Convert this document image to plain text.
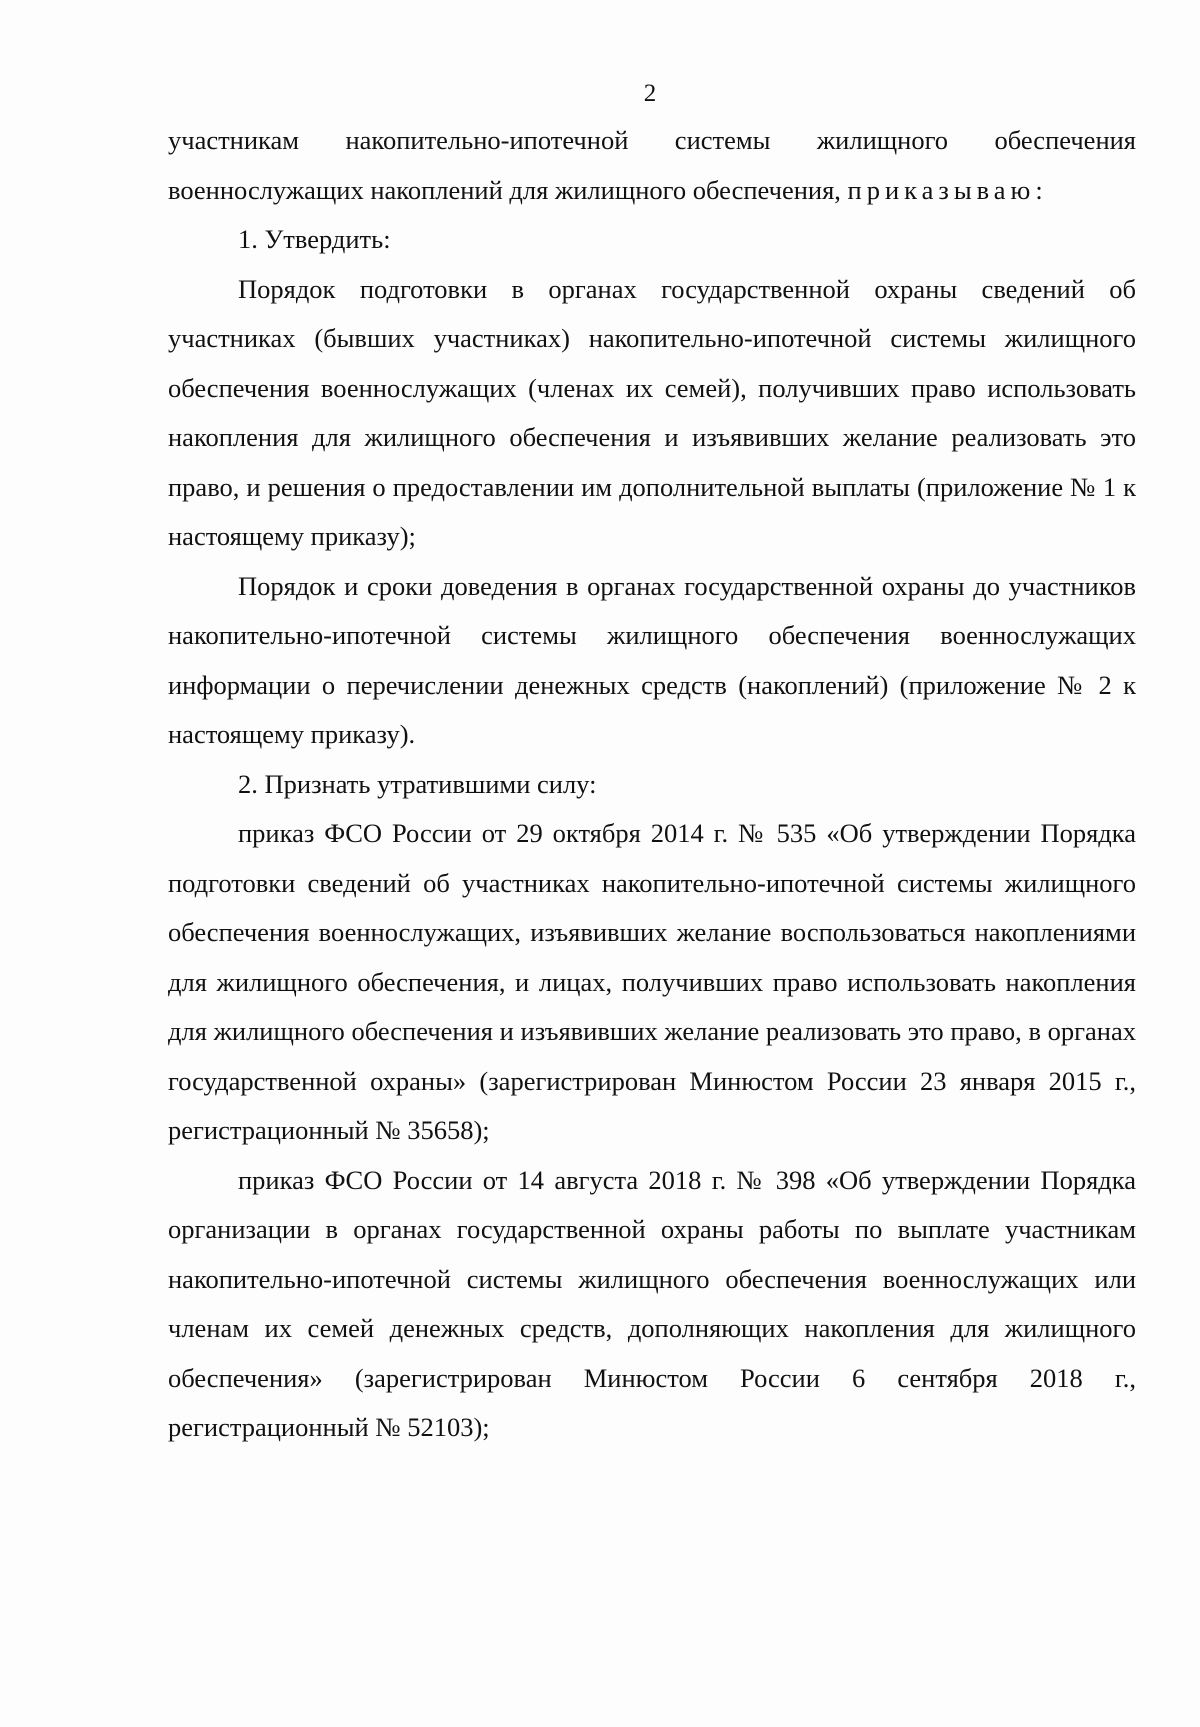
2

участникам накопительно-ипотечной системы жилищного обеспечения военнослужащих накоплений для жилищного обеспечения, приказываю:

1. Утвердить:

Порядок подготовки в органах государственной охраны сведений об участниках (бывших участниках) накопительно-ипотечной системы жилищного обеспечения военнослужащих (членах их семей), получивших право использовать накопления для жилищного обеспечения и изъявивших желание реализовать это право, и решения о предоставлении им дополнительной выплаты (приложение № 1 к настоящему приказу);

Порядок и сроки доведения в органах государственной охраны до участников накопительно-ипотечной системы жилищного обеспечения военнослужащих информации о перечислении денежных средств (накоплений) (приложение № 2 к настоящему приказу).

2. Признать утратившими силу:

приказ ФСО России от 29 октября 2014 г. № 535 «Об утверждении Порядка подготовки сведений об участниках накопительно-ипотечной системы жилищного обеспечения военнослужащих, изъявивших желание воспользоваться накоплениями для жилищного обеспечения, и лицах, получивших право использовать накопления для жилищного обеспечения и изъявивших желание реализовать это право, в органах государственной охраны» (зарегистрирован Минюстом России 23 января 2015 г., регистрационный № 35658);

приказ ФСО России от 14 августа 2018 г. № 398 «Об утверждении Порядка организации в органах государственной охраны работы по выплате участникам накопительно-ипотечной системы жилищного обеспечения военнослужащих или членам их семей денежных средств, дополняющих накопления для жилищного обеспечения» (зарегистрирован Минюстом России 6 сентября 2018 г., регистрационный № 52103);
